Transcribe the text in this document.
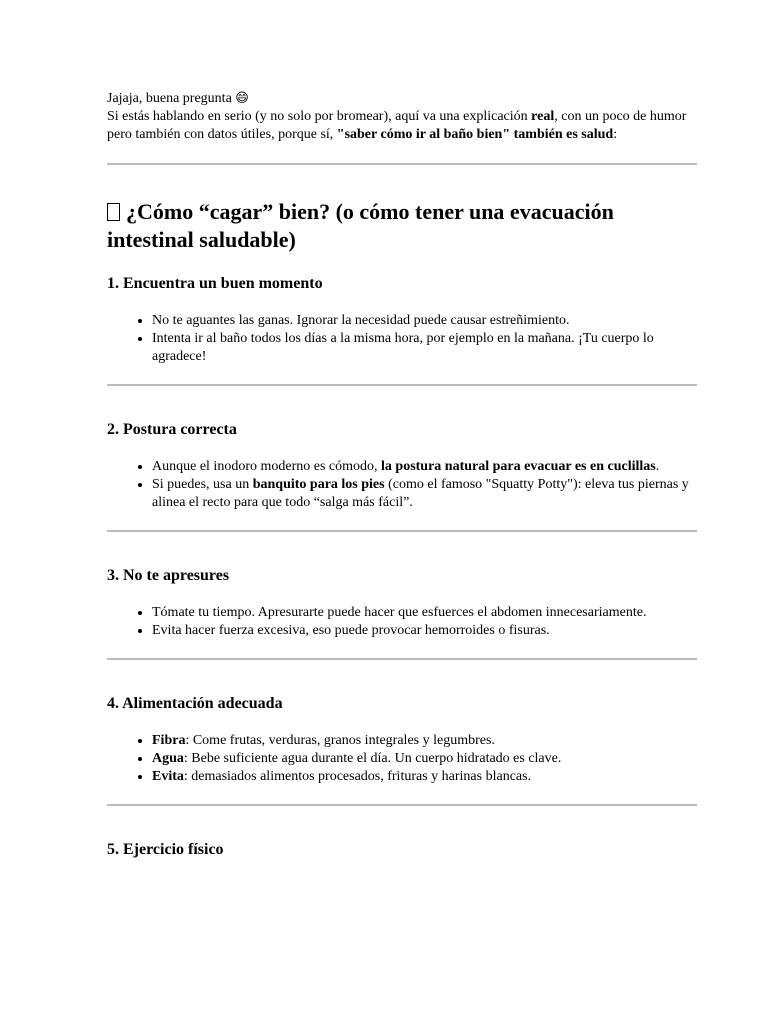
Jajaja, buena pregunta 😄

Si estás hablando en serio (y no solo por bromear), aquí va una explicación real, con un poco de humor pero también con datos útiles, porque sí, "saber cómo ir al baño bien" también es salud:

¿Cómo “cagar” bien? (o cómo tener una evacuación intestinal saludable)
1. Encuentra un buen momento
• No te aguantes las ganas. Ignorar la necesidad puede causar estreñimiento.
• Intenta ir al baño todos los días a la misma hora, por ejemplo en la mañana. ¡Tu cuerpo lo agradece!
2. Postura correcta
• Aunque el inodoro moderno es cómodo, la postura natural para evacuar es en cuclillas.
• Si puedes, usa un banquito para los pies (como el famoso "Squatty Potty"): eleva tus piernas y alinea el recto para que todo “salga más fácil”.
3. No te apresures
• Tómate tu tiempo. Apresurarte puede hacer que esfuerces el abdomen innecesariamente.
• Evita hacer fuerza excesiva, eso puede provocar hemorroides o fisuras.
4. Alimentación adecuada
• Fibra: Come frutas, verduras, granos integrales y legumbres.
• Agua: Bebe suficiente agua durante el día. Un cuerpo hidratado es clave.
• Evita: demasiados alimentos procesados, frituras y harinas blancas.
5. Ejercicio físico
